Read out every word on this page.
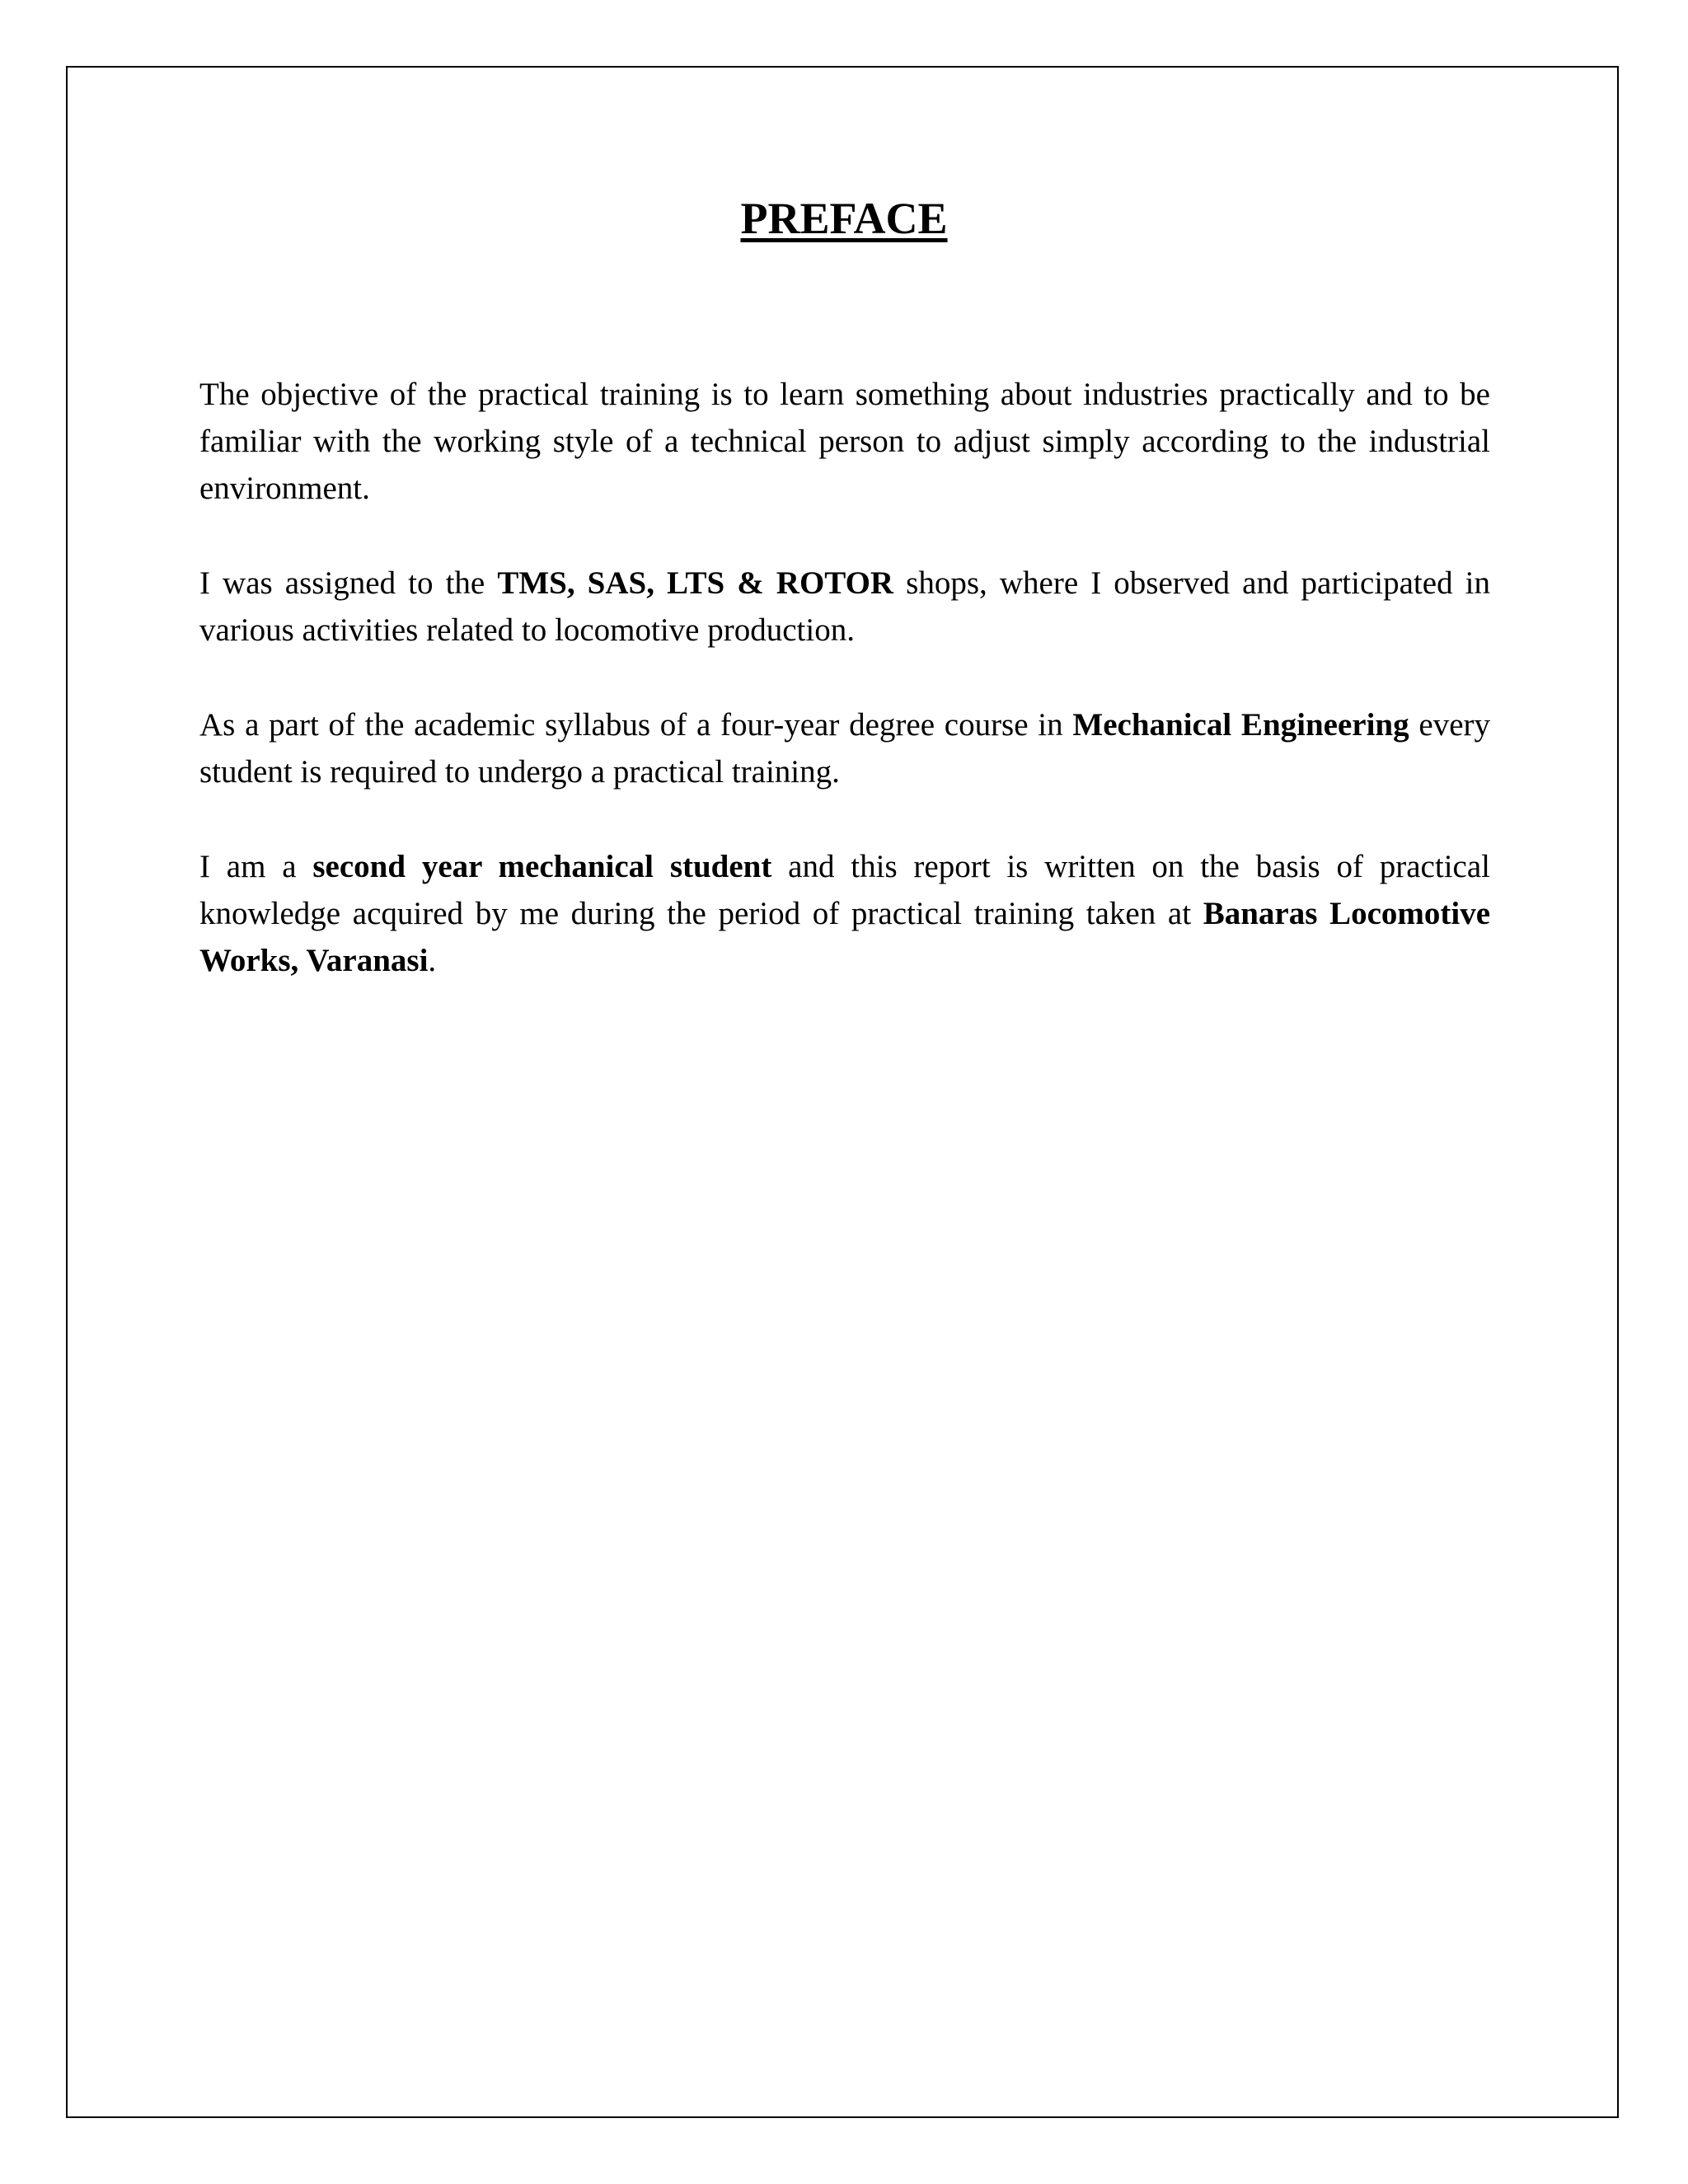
PREFACE

The objective of the practical training is to learn something about industries practically and to be familiar with the working style of a technical person to adjust simply according to the industrial environment.

I was assigned to the TMS, SAS, LTS & ROTOR shops, where I observed and participated in various activities related to locomotive production.

As a part of the academic syllabus of a four-year degree course in Mechanical Engineering every student is required to undergo a practical training.

I am a second year mechanical student and this report is written on the basis of practical knowledge acquired by me during the period of practical training taken at Banaras Locomotive Works, Varanasi.
